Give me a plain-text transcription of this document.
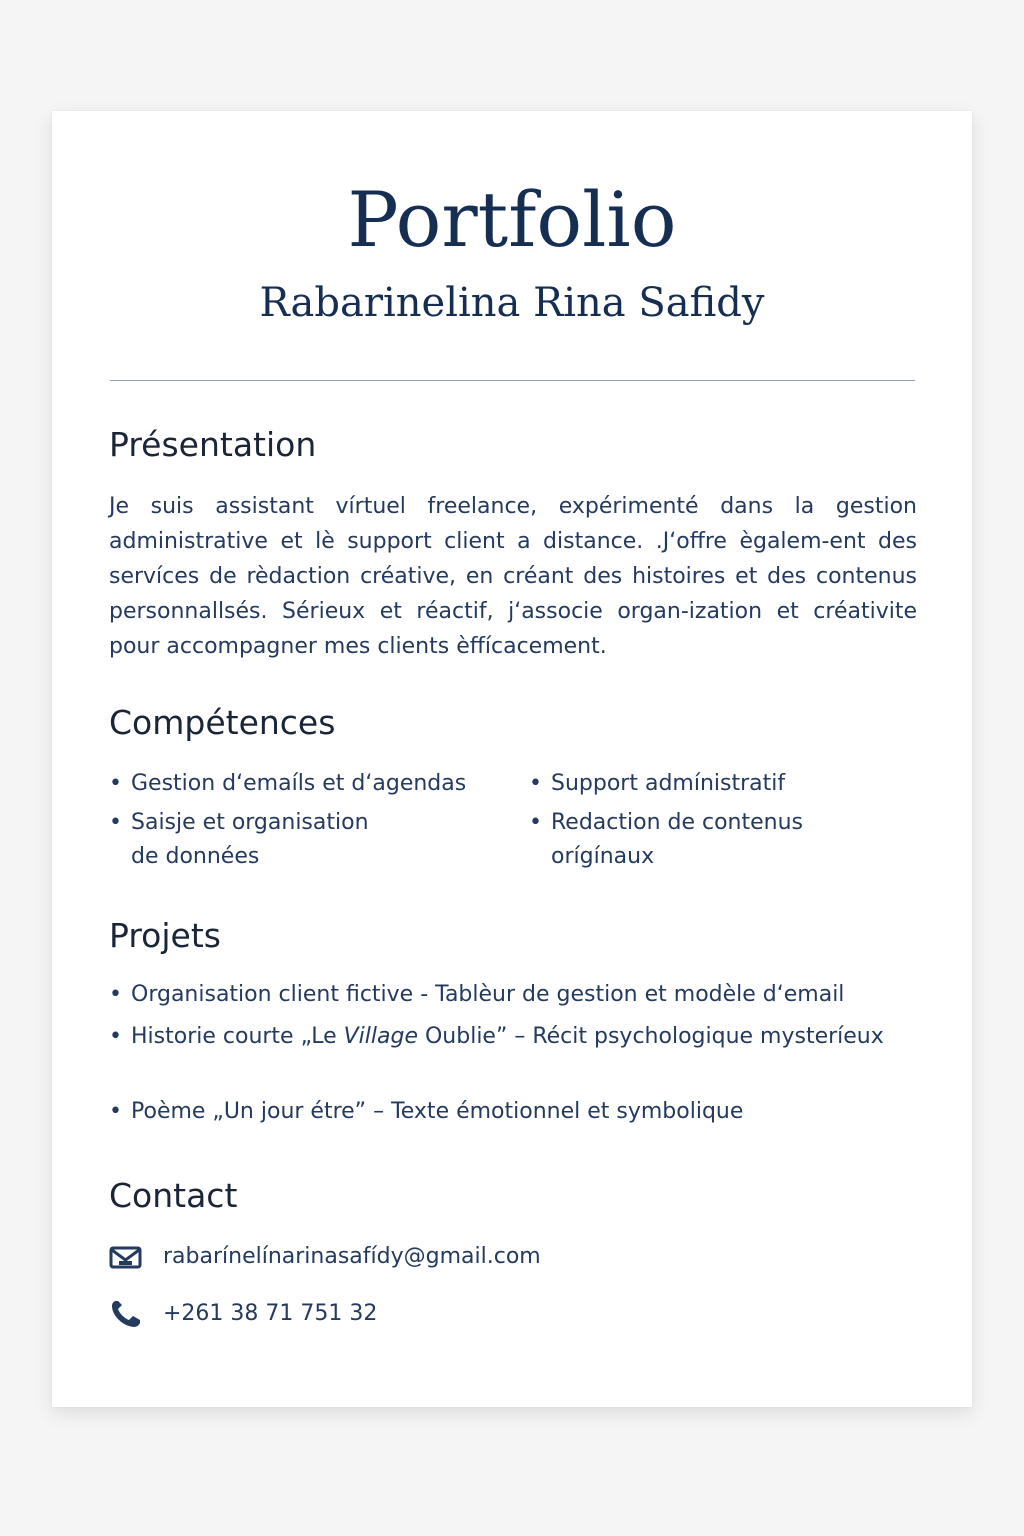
Portfolio
Rabarinelina Rina Safidy
Présentation

Je suis assistant vírtuel freelance, expérimenté dans la gestion administrative et lè support client a distance. .J‘offre ègalem-ent des servíces de rèdaction créative, en créant des histoires et des contenus personnallsés. Sérieux et réactif, j‘associe organ-ization et créativite pour accompagner mes clients èffícacement.

Compétences
• Gestion d‘emaíls et d‘agendas
•	Support admínistratif
• Saisje et organisation
de données
• Redaction de contenus
orígínaux
Projets
• Organisation client fictive - Tablèur de gestion et modèle d‘email
• Historie courte „Le Village Oublie” – Récit psychologique mysteríeux
• Poème „Un jour étre” – Texte émotionnel et symbolique
Contact
rabarínelínarinasafídy@gmail.com
+261 38 71 751 32
